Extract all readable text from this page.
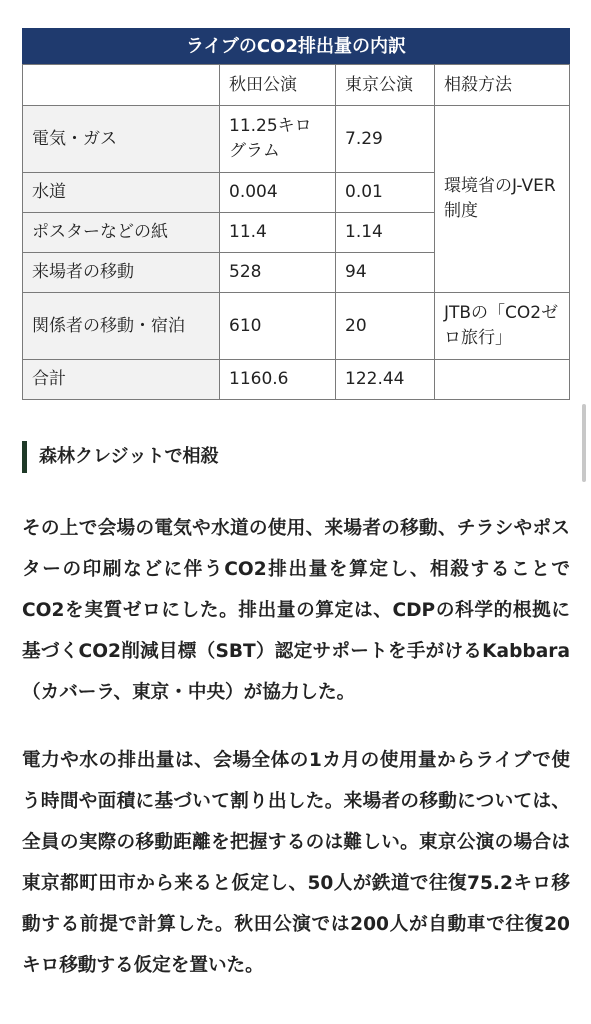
ライブのCO2排出量の内訳
	秋田公演	東京公演	相殺方法
電気・ガス	11.25キログラム	7.29	環境省のJ-VER制度
水道	0.004	0.01	
ポスターなどの紙	11.4	1.14	
来場者の移動	528	94	
関係者の移動・宿泊	610	20	JTBの「CO2ゼロ旅行」
合計	1160.6	122.44	
森林クレジットで相殺

その上で会場の電気や水道の使用、来場者の移動、チラシやポスターの印刷などに伴うCO2排出量を算定し、相殺することでCO2を実質ゼロにした。排出量の算定は、CDPの科学的根拠に基づくCO2削減目標（SBT）認定サポートを手がけるKabbara（カバーラ、東京・中央）が協力した。

電力や水の排出量は、会場全体の1カ月の使用量からライブで使う時間や面積に基づいて割り出した。来場者の移動については、全員の実際の移動距離を把握するのは難しい。東京公演の場合は東京都町田市から来ると仮定し、50人が鉄道で往復75.2キロ移動する前提で計算した。秋田公演では200人が自動車で往復20キロ移動する仮定を置いた。
